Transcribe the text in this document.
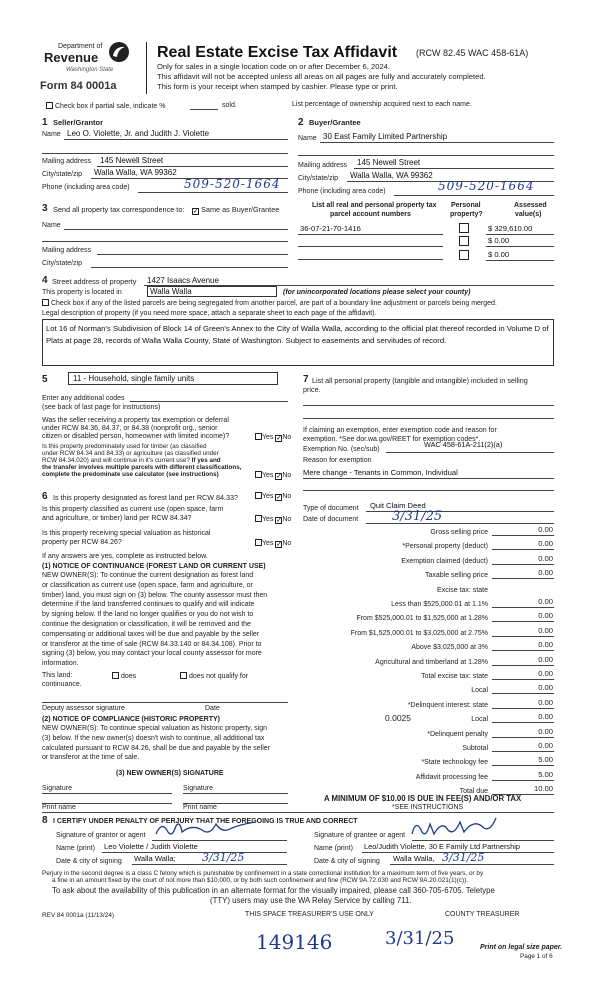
Department of
Revenue
Washington State
Form 84 0001a
Real Estate Excise Tax Affidavit (RCW 82.45 WAC 458-61A)
Only for sales in a single location code on or after December 6, 2024.
This affidavit will not be accepted unless all areas on all pages are fully and accurately completed.
This form is your receipt when stamped by cashier. Please type or print.
Check box if partial sale, indicate %	sold.	List percentage of ownership acquired next to each name.
1 Seller/Grantor
Name Leo O. Violette, Jr. and Judith J. Violette
Mailing address 145 Newell Street
City/state/zip Walla Walla, WA 99362
Phone (including area code)	509-520-1664
2 Buyer/Grantee
Name 30 East Family Limited Partnership
Mailing address 145 Newell Street
City/state/zip Walla Walla, WA 99362
Phone (including area code)	509-520-1664
3 Send all property tax correspondence to: ✓ Same as Buyer/Grantee
Name
Mailing address
City/state/zip
List all real and personal property tax
parcel account numbers
Personal
property?
Assessed
value(s)
36-07-21-70-1416	$ 329,610.00
$ 0.00
$ 0.00
4 Street address of property 1427 Isaacs Avenue
This property is located in	Walla Walla	(for unincorporated locations please select your county)
Check box if any of the listed parcels are being segregated from another parcel, are part of a boundary line adjustment or parcels being merged.
Legal description of property (if you need more space, attach a separate sheet to each page of the affidavit).
Lot 16 of Norman's Subdivision of Block 14 of Green's Annex to the City of Walla Walla, according to the official plat thereof recorded in Volume D of Plats at page 28, records of Walla Walla County, State of Washington. Subject to easements and servitudes of record.
5	11 - Household, single family units
Enter any additional codes
(see back of last page for instructions)
Was the seller receiving a property tax exemption or deferral
under RCW 84.36, 84.37, or 84.38 (nonprofit org., senior
citizen or disabled person, homeowner with limited income)?	Yes ✓No
Is this property predominately used for timber (as classified
under RCW 84.34 and 84.33) or agriculture (as classified under
RCW 84.34.020) and will continue in it's current use? If yes and
the transfer involves multiple parcels with different classifications,
complete the predominate use calculator (see instructions)	Yes ✓No
6 Is this property designated as forest land per RCW 84.33?	Yes ✓No
Is this property classified as current use (open space, farm
and agriculture, or timber) land per RCW 84.34?	Yes ✓No
Is this property receiving special valuation as historical
property per RCW 84.26?	Yes ✓No
If any answers are yes, complete as instructed below.
(1) NOTICE OF CONTINUANCE (FOREST LAND OR CURRENT USE)
NEW OWNER(S): To continue the current designation as forest land
or classification as current use (open space, farm and agriculture, or
timber) land, you must sign on (3) below. The county assessor must then
determine if the land transferred continues to qualify and will indicate
by signing below. If the land no longer qualifies or you do not wish to
continue the designation or classification, it will be removed and the
compensating or additional taxes will be due and payable by the seller
or transferor at the time of sale (RCW 84.33.140 or 84.34.108). Prior to
signing (3) below, you may contact your local county assessor for more
information.
This land:	does	does not qualify for
continuance.
Deputy assessor signature	Date
(2) NOTICE OF COMPLIANCE (HISTORIC PROPERTY)
NEW OWNER(S): To continue special valuation as historic property, sign
(3) below. If the new owner(s) doesn't wish to continue, all additional tax
calculated pursuant to RCW 84.26, shall be due and payable by the seller
or transferor at the time of sale.
(3) NEW OWNER(S) SIGNATURE
Signature	Signature
Print name	Print name
7 List all personal property (tangible and intangible) included in selling
price.
If claiming an exemption, enter exemption code and reason for
exemption. *See dor.wa.gov/REET for exemption codes*.
Exemption No. (sec/sub)
WAC 458-61A-211(2)(a)
Reason for exemption
Mere change - Tenants in Common, Individual
Type of document Quit Claim Deed
Date of document	3/31/25
Gross selling price	0.00
*Personal property (deduct)	0.00
Exemption claimed (deduct)	0.00
Taxable selling price	0.00
Excise tax: state
Less than $525,000.01 at 1.1%	0.00
From $525,000.01 to $1,525,000 at 1.28%	0.00
From $1,525,000.01 to $3,025,000 at 2.75%	0.00
Above $3,025,000 at 3%	0.00
Agricultural and timberland at 1.28%	0.00
Total excise tax: state	0.00
Local	0.00
*Delinquent interest: state	0.00
Local	0.00
*Delinquent penalty	0.00
Subtotal	0.00
*State technology fee	5.00
Affidavit processing fee	5.00
Total due	10.00
0.0025
A MINIMUM OF $10.00 IS DUE IN FEE(S) AND/OR TAX
*SEE INSTRUCTIONS
8 I CERTIFY UNDER PENALTY OF PERJURY THAT THE FOREGOING IS TRUE AND CORRECT
Signature of grantor or agent
Name (print) Leo Violette / Judith Violette
Date & city of signing Walla Walla; 3/31/25
Signature of grantee or agent
Name (print) Leo/Judith Violette, 30 E Family Ltd Partnership
Date & city of signing Walla Walla, 3/31/25
Perjury in the second degree is a class C felony which is punishable by confinement in a state correctional institution for a maximum term of five years, or by
a fine in an amount fixed by the court of not more than $10,000, or by both such confinement and fine (RCW 9A.72.030 and RCW 9A.20.021(1)(c)).
To ask about the availability of this publication in an alternate format for the visually impaired, please call 360-705-6705. Teletype
(TTY) users may use the WA Relay Service by calling 711.
REV 84 0001a (11/13/24)	THIS SPACE TREASURER'S USE ONLY	COUNTY TREASURER
149146	3/31/25	Print on legal size paper.
Page 1 of 6
